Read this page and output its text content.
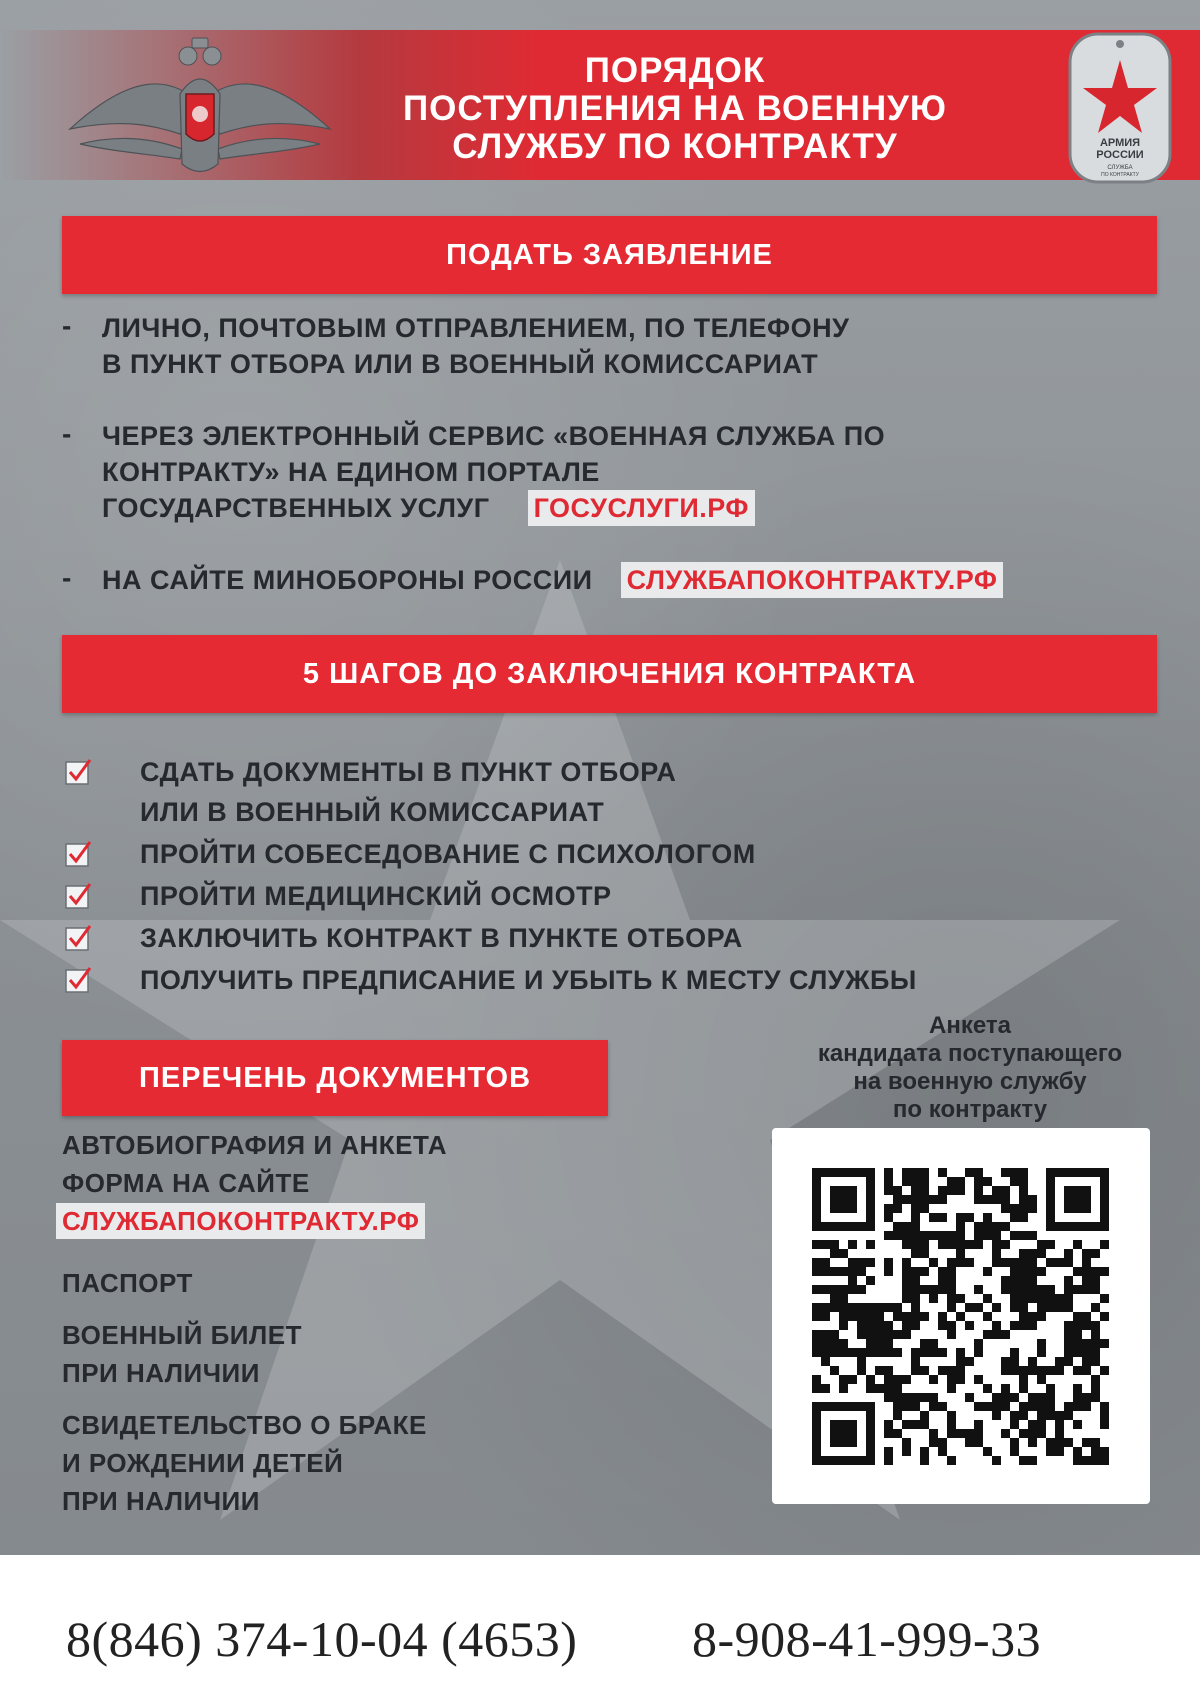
ПОРЯДОК
ПОСТУПЛЕНИЯ НА ВОЕННУЮ
СЛУЖБУ ПО КОНТРАКТУ	АРМИЯ
РОССИИ
СЛУЖБА
ПО КОНТРАКТУ
ПОДАТЬ ЗАЯВЛЕНИЕ
- ЛИЧНО, ПОЧТОВЫМ ОТПРАВЛЕНИЕМ, ПО ТЕЛЕФОНУ
В ПУНКТ ОТБОРА ИЛИ В ВОЕННЫЙ КОМИССАРИАТ
- ЧЕРЕЗ ЭЛЕКТРОННЫЙ СЕРВИС «ВОЕННАЯ СЛУЖБА ПО
КОНТРАКТУ» НА ЕДИНОМ ПОРТАЛЕ
ГОСУДАРСТВЕННЫХ УСЛУГ ГОСУСЛУГИ.РФ
- НА САЙТЕ МИНОБОРОНЫ РОССИИ СЛУЖБАПОКОНТРАКТУ.РФ
5 ШАГОВ ДО ЗАКЛЮЧЕНИЯ КОНТРАКТА
СДАТЬ ДОКУМЕНТЫ В ПУНКТ ОТБОРА
ИЛИ В ВОЕННЫЙ КОМИССАРИАТ
ПРОЙТИ СОБЕСЕДОВАНИЕ С ПСИХОЛОГОМ
ПРОЙТИ МЕДИЦИНСКИЙ ОСМОТР
ЗАКЛЮЧИТЬ КОНТРАКТ В ПУНКТЕ ОТБОРА
ПОЛУЧИТЬ ПРЕДПИСАНИЕ И УБЫТЬ К МЕСТУ СЛУЖБЫ
ПЕРЕЧЕНЬ ДОКУМЕНТОВ
АВТОБИОГРАФИЯ И АНКЕТА
ФОРМА НА САЙТЕ
СЛУЖБАПОКОНТРАКТУ.РФ
ПАСПОРТ
ВОЕННЫЙ БИЛЕТ
ПРИ НАЛИЧИИ
СВИДЕТЕЛЬСТВО О БРАКЕ
И РОЖДЕНИИ ДЕТЕЙ
ПРИ НАЛИЧИИ
Анкета
кандидата поступающего
на военную службу
по контракту
8(846) 374-10-04 (4653) 8-908-41-999-33
